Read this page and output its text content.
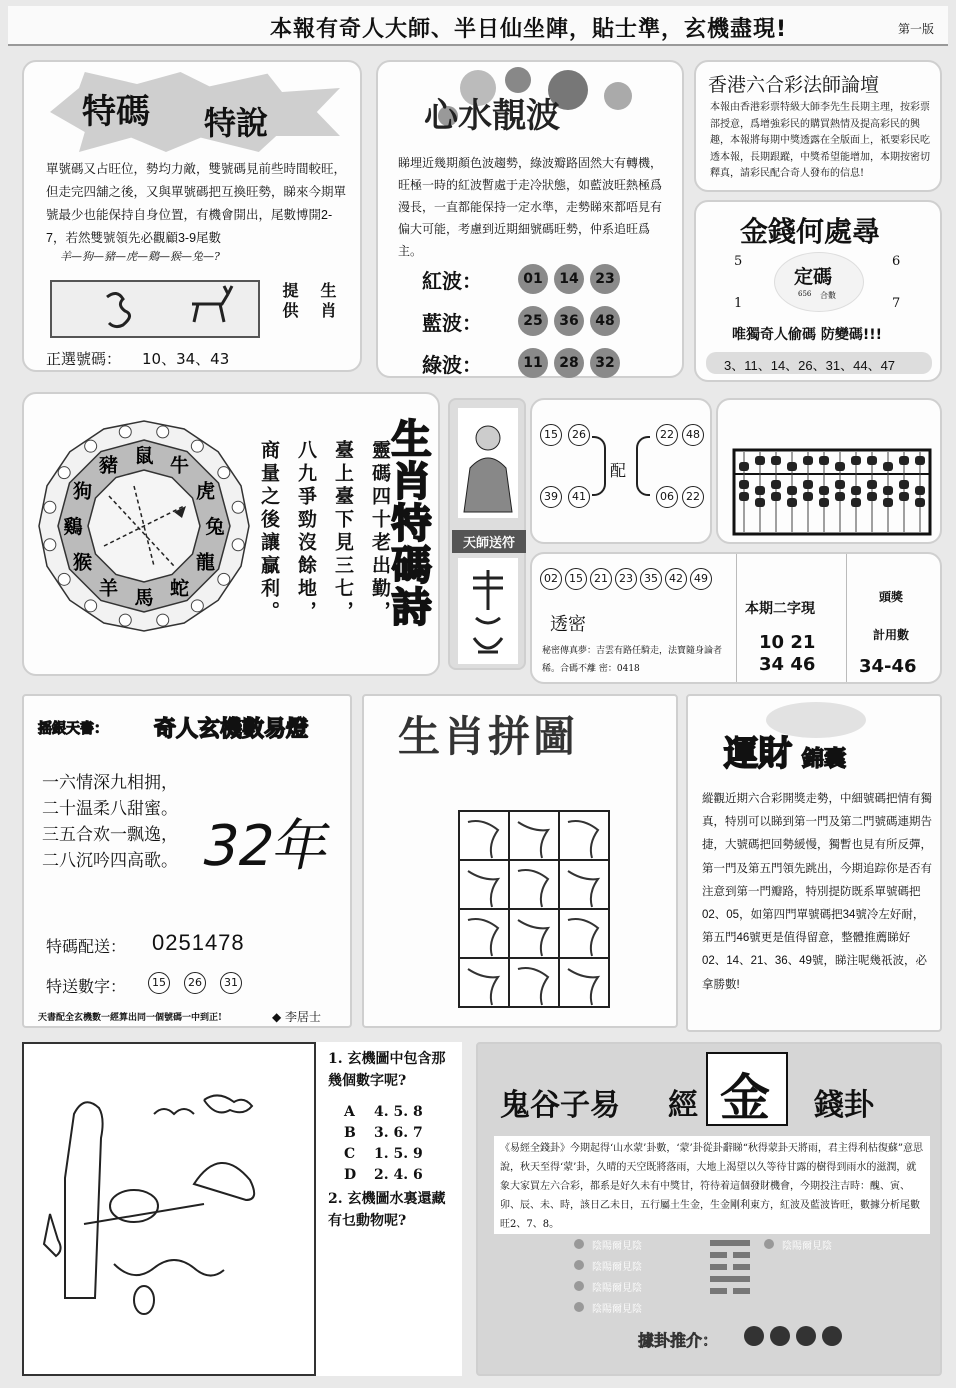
本報有奇人大師、半日仙坐陣，貼士準，玄機盡現!	第一版
特碼 特說
單號碼又占旺位，勢均力敵，雙號碼見前些時間較旺，但走完四舖之後，又與單號碼把互換旺勢，睇來今期單號最少也能保持自身位置，有機會開出，尾數博開2-7，若然雙號領先必觀顧3-9尾數
羊—狗—豬—虎—鷄—猴—兔—?
提供 生肖
正選號碼： 10、34、43
心水靚波
睇埋近幾期顏色波趨勢，綠波瓣路固然大有轉機，旺極一時的紅波暫處于走冷狀態，如藍波旺熱極爲漫長，一直都能保持一定水準，走勢睇來都唔見有偏大可能，考慮到近期細號碼旺勢，仲系追旺爲主。
紅波：	01	14	23
藍波：	25	36	48
綠波：	11	28	32
香港六合彩法師論壇
本報由香港彩票特級大師李先生長期主理，按彩票部授意，爲增強彩民的購買熱情及提高彩民的興趣，本報將每期中獎透露在全版面上，祇要彩民吃透本報，長期跟蹤，中獎希望能增加，本期按密切釋真，請彩民配合奇人發布的信息!
金錢何處尋
5	6
1	7
定碼
656 合數
唯獨奇人偷碼 防變碼!!!
3、11、14、26、31、44、47
鼠 牛
虎
兔
龍
蛇
馬
羊
猴
鷄
狗
豬	靈碼四十老出勤，
臺上臺下見三七，
八九爭勁沒餘地，
商量之後讓贏利。	生肖特碼詩	天師送符
15	26
39	41
配
22	48
06	22
02	15	21	23	35	42	49
透密
秘密傳真夢：吉雲有路任騎走，法寶隨身論者稀。合碼不離 密：0418
本期二字現
10 21
34 46
頭獎
計用數
34-46
摇銀天書： 奇人玄機數易燈
一六情深九相拥，
二十温柔八甜蜜。
三五合欢一飘逸，
二八沉吟四高歌。 32年
特碼配送： 0251478
特送數字：	15	26	31
天書配全玄機數一經算出同一個號碼一中到正!	◆ 李居士
生肖拼圖	運財 錦囊
縱觀近期六合彩開獎走勢，中細號碼把情有獨真，特別可以睇到第一門及第二門號碼連期告捷，大號碼把回勢緩慢，獨暫也見有所反彈，第一門及第五門領先跳出，今期追踪你是否有注意到第一門瓣路，特別提防既系單號碼把02、05，如第四門單號碼把34號冷左好耐，第五門46號更是值得留意，整體推薦睇好02、14、21、36、49號，睇注呢幾祇波，必拿勝數!
1. 玄機圖中包含那幾個數字呢?
A 4. 5. 8
B 3. 6. 7
C 1. 5. 9
D 2. 4. 6
2. 玄機圖水裏還藏有乜動物呢?
鬼谷子易 經 金 錢卦
《易經全錢卦》今期起得‘山水蒙’卦數，‘蒙’卦從卦辭睇“秋得蒙卦天將雨，君主得利枯復蘇”意思說，秋天至得‘蒙’卦，久晴的天空既將落雨，大地上渴望以久等待甘露的樹得到雨水的滋潤，就象大家買左六合彩，都系是好久未有中獎甘，符待着這個發財機會，今期投注吉時：醜、寅、卯、辰、未、時，該日乙未日，五行屬土生金，生金剛利東方，紅波及藍波皆旺，數據分析尾數旺2、7、8。
陰陽爾見陰
陰陽爾見陰
陰陽爾見陰
陰陽爾見陰
陰陽爾見陰
據卦推介：
